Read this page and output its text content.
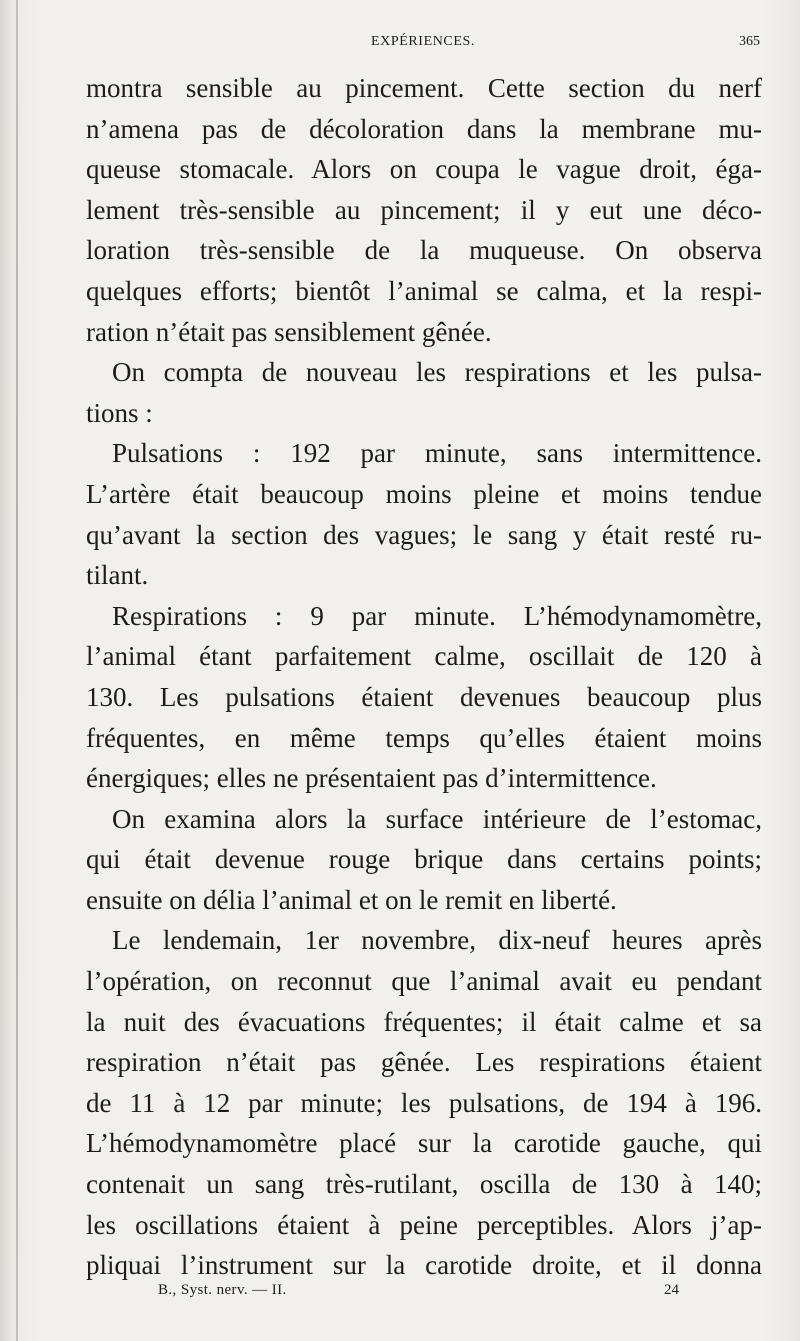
EXPÉRIENCES.	365
montra sensible au pincement. Cette section du nerf
n’amena pas de décoloration dans la membrane mu-
queuse stomacale. Alors on coupa le vague droit, éga-
lement très-sensible au pincement; il y eut une déco-
loration très-sensible de la muqueuse. On observa
quelques efforts; bientôt l’animal se calma, et la respi-
ration n’était pas sensiblement gênée.
On compta de nouveau les respirations et les pulsa-
tions :
Pulsations : 192 par minute, sans intermittence.
L’artère était beaucoup moins pleine et moins tendue
qu’avant la section des vagues; le sang y était resté ru-
tilant.
Respirations : 9 par minute. L’hémodynamomètre,
l’animal étant parfaitement calme, oscillait de 120 à
130. Les pulsations étaient devenues beaucoup plus
fréquentes, en même temps qu’elles étaient moins
énergiques; elles ne présentaient pas d’intermittence.
On examina alors la surface intérieure de l’estomac,
qui était devenue rouge brique dans certains points;
ensuite on délia l’animal et on le remit en liberté.
Le lendemain, 1er novembre, dix-neuf heures après
l’opération, on reconnut que l’animal avait eu pendant
la nuit des évacuations fréquentes; il était calme et sa
respiration n’était pas gênée. Les respirations étaient
de 11 à 12 par minute; les pulsations, de 194 à 196.
L’hémodynamomètre placé sur la carotide gauche, qui
contenait un sang très-rutilant, oscilla de 130 à 140;
les oscillations étaient à peine perceptibles. Alors j’ap-
pliquai l’instrument sur la carotide droite, et il donna
B., Syst. nerv. — II.	24
